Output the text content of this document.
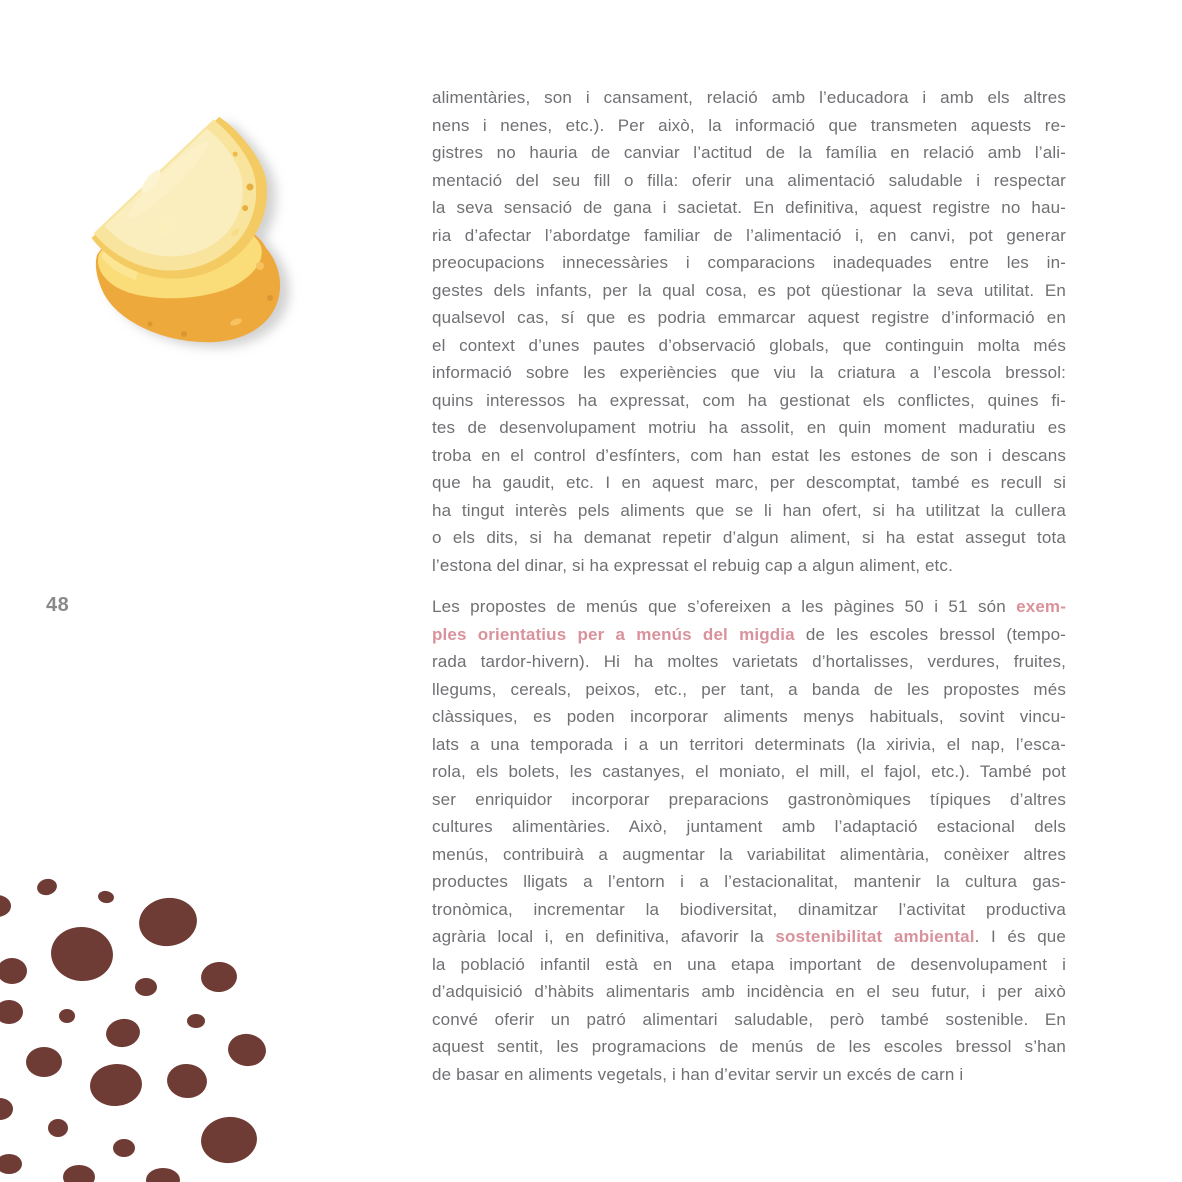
48
alimentàries, son i cansament, relació amb l’educadora i amb els altres
nens i nenes, etc.). Per això, la informació que transmeten aquests re-
gistres no hauria de canviar l’actitud de la família en relació amb l’ali-
mentació del seu fill o filla: oferir una alimentació saludable i respectar
la seva sensació de gana i sacietat. En definitiva, aquest registre no hau-
ria d’afectar l’abordatge familiar de l’alimentació i, en canvi, pot generar
preocupacions innecessàries i comparacions inadequades entre les in-
gestes dels infants, per la qual cosa, es pot qüestionar la seva utilitat. En
qualsevol cas, sí que es podria emmarcar aquest registre d’informació en
el context d’unes pautes d’observació globals, que continguin molta més
informació sobre les experiències que viu la criatura a l’escola bressol:
quins interessos ha expressat, com ha gestionat els conflictes, quines fi-
tes de desenvolupament motriu ha assolit, en quin moment maduratiu es
troba en el control d’esfínters, com han estat les estones de son i descans
que ha gaudit, etc. I en aquest marc, per descomptat, també es recull si
ha tingut interès pels aliments que se li han ofert, si ha utilitzat la cullera
o els dits, si ha demanat repetir d’algun aliment, si ha estat assegut tota
l’estona del dinar, si ha expressat el rebuig cap a algun aliment, etc.
Les propostes de menús que s’ofereixen a les pàgines 50 i 51 són exem-
ples orientatius per a menús del migdia de les escoles bressol (tempo-
rada tardor-hivern). Hi ha moltes varietats d’hortalisses, verdures, fruites,
llegums, cereals, peixos, etc., per tant, a banda de les propostes més
clàssiques, es poden incorporar aliments menys habituals, sovint vincu-
lats a una temporada i a un territori determinats (la xirivia, el nap, l’esca-
rola, els bolets, les castanyes, el moniato, el mill, el fajol, etc.). També pot
ser enriquidor incorporar preparacions gastronòmiques típiques d’altres
cultures alimentàries. Això, juntament amb l’adaptació estacional dels
menús, contribuirà a augmentar la variabilitat alimentària, conèixer altres
productes lligats a l’entorn i a l’estacionalitat, mantenir la cultura gas-
tronòmica, incrementar la biodiversitat, dinamitzar l’activitat productiva
agrària local i, en definitiva, afavorir la sostenibilitat ambiental. I és que
la població infantil està en una etapa important de desenvolupament i
d’adquisició d’hàbits alimentaris amb incidència en el seu futur, i per això
convé oferir un patró alimentari saludable, però també sostenible. En
aquest sentit, les programacions de menús de les escoles bressol s’han
de basar en aliments vegetals, i han d’evitar servir un excés de carn i
